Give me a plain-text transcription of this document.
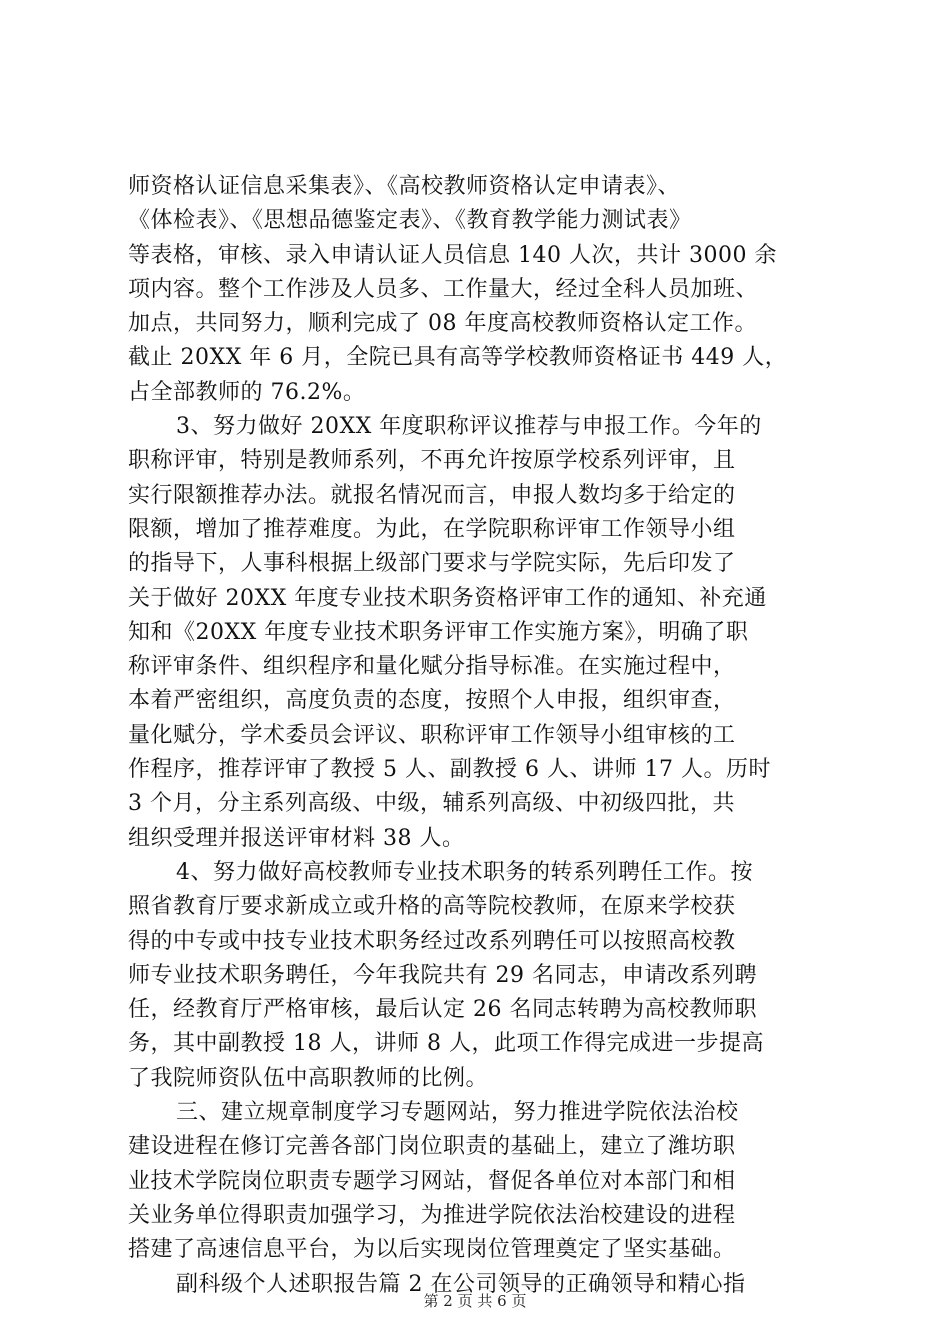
师资格认证信息采集表》、《高校教师资格认定申请表》、
《体检表》、《思想品德鉴定表》、《教育教学能力测试表》
等表格，审核、录入申请认证人员信息 140 人次，共计 3000 余
项内容。整个工作涉及人员多、工作量大，经过全科人员加班、
加点，共同努力，顺利完成了 08 年度高校教师资格认定工作。
截止 20XX 年 6 月，全院已具有高等学校教师资格证书 449 人，
占全部教师的 76.2%。
3、努力做好 20XX 年度职称评议推荐与申报工作。今年的
职称评审，特别是教师系列，不再允许按原学校系列评审，且
实行限额推荐办法。就报名情况而言，申报人数均多于给定的
限额，增加了推荐难度。为此，在学院职称评审工作领导小组
的指导下，人事科根据上级部门要求与学院实际，先后印发了
关于做好 20XX 年度专业技术职务资格评审工作的通知、补充通
知和《20XX 年度专业技术职务评审工作实施方案》，明确了职
称评审条件、组织程序和量化赋分指导标准。在实施过程中，
本着严密组织，高度负责的态度，按照个人申报，组织审查，
量化赋分，学术委员会评议、职称评审工作领导小组审核的工
作程序，推荐评审了教授 5 人、副教授 6 人、讲师 17 人。历时
3 个月，分主系列高级、中级，辅系列高级、中初级四批，共
组织受理并报送评审材料 38 人。
4、努力做好高校教师专业技术职务的转系列聘任工作。按
照省教育厅要求新成立或升格的高等院校教师，在原来学校获
得的中专或中技专业技术职务经过改系列聘任可以按照高校教
师专业技术职务聘任，今年我院共有 29 名同志，申请改系列聘
任，经教育厅严格审核，最后认定 26 名同志转聘为高校教师职
务，其中副教授 18 人，讲师 8 人，此项工作得完成进一步提高
了我院师资队伍中高职教师的比例。
三、建立规章制度学习专题网站，努力推进学院依法治校
建设进程在修订完善各部门岗位职责的基础上，建立了潍坊职
业技术学院岗位职责专题学习网站，督促各单位对本部门和相
关业务单位得职责加强学习，为推进学院依法治校建设的进程
搭建了高速信息平台，为以后实现岗位管理奠定了坚实基础。
副科级个人述职报告篇 2 在公司领导的正确领导和精心指
第 2 页 共 6 页
